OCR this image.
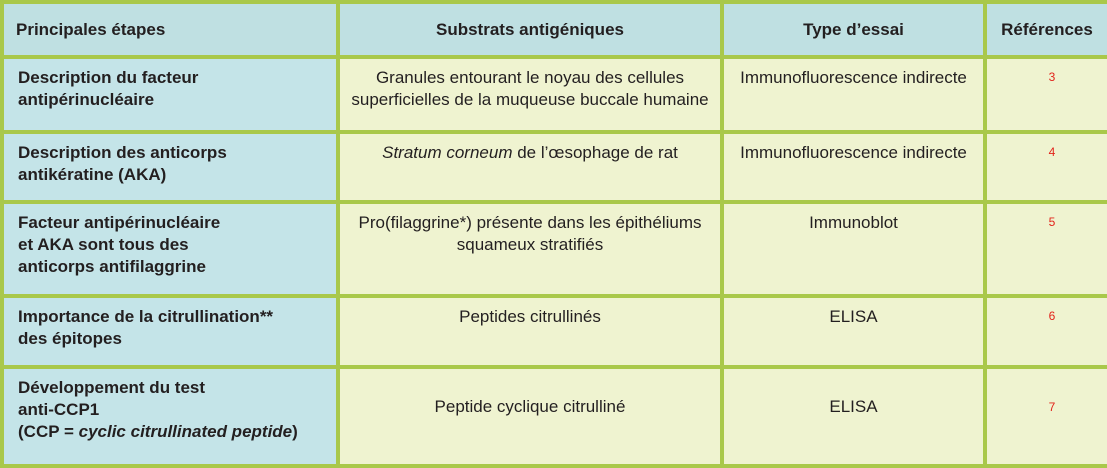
Principales étapes	Substrats antigéniques	Type d’essai	Références

Description du facteur
antipérinucléaire	Granules entourant le noyau des cellules
superficielles de la muqueuse buccale humaine	Immunofluorescence indirecte	3

Description des anticorps
antikératine (AKA)	Stratum corneum de l’œsophage de rat	Immunofluorescence indirecte	4

Facteur antipérinucléaire
et AKA sont tous des
anticorps antifilaggrine	Pro(filaggrine*) présente dans les épithéliums
squameux stratifiés	Immunoblot	5

Importance de la citrullination**
des épitopes	Peptides citrullinés	ELISA	6

Développement du test
anti-CCP1
(CCP = cyclic citrullinated peptide)	Peptide cyclique citrulliné	ELISA	7
